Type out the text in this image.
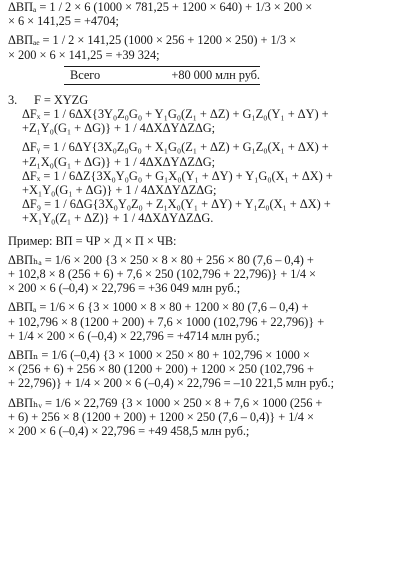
ΔВПₐ = 1 / 2 × 6 (1000 × 781,25 + 1200 × 640) + 1/3 × 200 ×
× 6 × 141,25 = +4704;
ΔВПₐₑ = 1 / 2 × 141,25 (1000 × 256 + 1200 × 250) + 1/3 ×
× 200 × 6 × 141,25 = +39 324;
Всего	+80 000 млн руб.
3. F = XYZG
ΔFₓ = 1 / 6ΔX{3Y₀Z₀G₀ + Y₁G₀(Z₁ + ΔZ) + G₁Z₀(Y₁ + ΔY) +
+Z₁Y₀(G₁ + ΔG)} + 1 / 4ΔXΔYΔZΔG;
ΔFᵧ = 1 / 6ΔY{3X₀Z₀G₀ + X₁G₀(Z₁ + ΔZ) + G₁Z₀(X₁ + ΔX) +
+Z₁X₀(G₁ + ΔG)} + 1 / 4ΔXΔYΔZΔG;
ΔFₓ = 1 / 6ΔZ{3X₀Y₀G₀ + G₁X₀(Y₁ + ΔY) + Y₁G₀(X₁ + ΔX) +
+X₁Y₀(G₁ + ΔG)} + 1 / 4ΔXΔYΔZΔG;
ΔF₉ = 1 / 6ΔG{3X₀Y₀Z₀ + Z₁X₀(Y₁ + ΔY) + Y₁Z₀(X₁ + ΔX) +
+X₁Y₀(Z₁ + ΔZ)} + 1 / 4ΔXΔYΔZΔG.
Пример: ВП = ЧР × Д × П × ЧВ:
ΔВПₕₐ = 1/6 × 200 {3 × 250 × 8 × 80 + 256 × 80 (7,6 – 0,4) +
+ 102,8 × 8 (256 + 6) + 7,6 × 250 (102,796 + 22,796)} + 1/4 ×
× 200 × 6 (–0,4) × 22,796 = +36 049 млн руб.;
ΔВПₐ = 1/6 × 6 {3 × 1000 × 8 × 80 + 1200 × 80 (7,6 – 0,4) +
+ 102,796 × 8 (1200 + 200) + 7,6 × 1000 (102,796 + 22,796)} +
+ 1/4 × 200 × 6 (–0,4) × 22,796 = +4714 млн руб.;
ΔВПₙ = 1/6 (–0,4) {3 × 1000 × 250 × 80 + 102,796 × 1000 ×
× (256 + 6) + 256 × 80 (1200 + 200) + 1200 × 250 (102,796 +
+ 22,796)} + 1/4 × 200 × 6 (–0,4) × 22,796 = –10 221,5 млн руб.;
ΔВПₕᵥ = 1/6 × 22,769 {3 × 1000 × 250 × 8 + 7,6 × 1000 (256 +
+ 6) + 256 × 8 (1200 + 200) + 1200 × 250 (7,6 – 0,4)} + 1/4 ×
× 200 × 6 (–0,4) × 22,796 = +49 458,5 млн руб.;
